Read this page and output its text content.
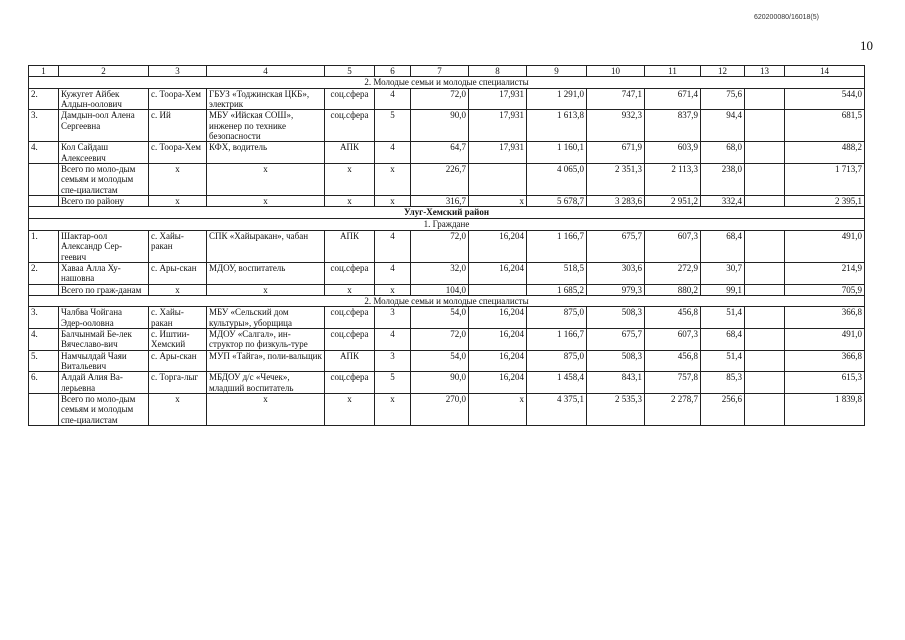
620200080/16018(5)
10
1	2	3	4	5	6	7	8	9	10	11	12	13	14
2. Молодые семьи и молодые специалисты													
2.	Кужугет Айбек Алдын-оолович	с. Тоора-Хем	ГБУЗ «Тоджинская ЦКБ», электрик	соц.сфера	4	72,0	17,931	1 291,0	747,1	671,4	75,6		544,0
3.	Дамдын-оол Алена Сергеевна	с. Ий	МБУ «Ийская СОШ», инженер по технике безопасности	соц.сфера	5	90,0	17,931	1 613,8	932,3	837,9	94,4		681,5
4.	Кол Сайдаш Алексеевич	с. Тоора-Хем	КФХ, водитель	АПК	4	64,7	17,931	1 160,1	671,9	603,9	68,0		488,2
	Всего по моло-дым семьям и молодым спе-циалистам	х	х	х	х	226,7		4 065,0	2 351,3	2 113,3	238,0		1 713,7
	Всего по району	х	х	х	х	316,7	х	5 678,7	3 283,6	2 951,2	332,4		2 395,1
Улуг-Хемский район													
1. Граждане													
1.	Шактар-оол Александр Сер-геевич	с. Хайы-ракан	СПК «Хайыракан», чабан	АПК	4	72,0	16,204	1 166,7	675,7	607,3	68,4		491,0
2.	Хаваа Алла Ху-нашовна	с. Ары-скан	МДОУ, воспитатель	соц.сфера	4	32,0	16,204	518,5	303,6	272,9	30,7		214,9
	Всего по граж-данам	х	х	х	х	104,0		1 685,2	979,3	880,2	99,1		705,9
2. Молодые семьи и молодые специалисты													
3.	Чалбва Чойгана Эдер-ооловна	с. Хайы-ракан	МБУ «Сельский дом культуры», уборщица	соц.сфера	3	54,0	16,204	875,0	508,3	456,8	51,4		366,8
4.	Балчынмай Бе-лек Вячеславо-вич	с. Иштии-Хемский	МДОУ «Салгал», ин-структор по физкуль-туре	соц.сфера	4	72,0	16,204	1 166,7	675,7	607,3	68,4		491,0
5.	Намчылдай Чаяи Витальевич	с. Ары-скан	МУП «Тайга», поли-вальщик	АПК	3	54,0	16,204	875,0	508,3	456,8	51,4		366,8
6.	Алдай Алия Ва-лерьевна	с. Торга-лыг	МБДОУ д/с «Чечек», младший воспитатель	соц.сфера	5	90,0	16,204	1 458,4	843,1	757,8	85,3		615,3
	Всего по моло-дым семьям и молодым спе-циалистам	х	х	х	х	270,0	х	4 375,1	2 535,3	2 278,7	256,6		1 839,8
